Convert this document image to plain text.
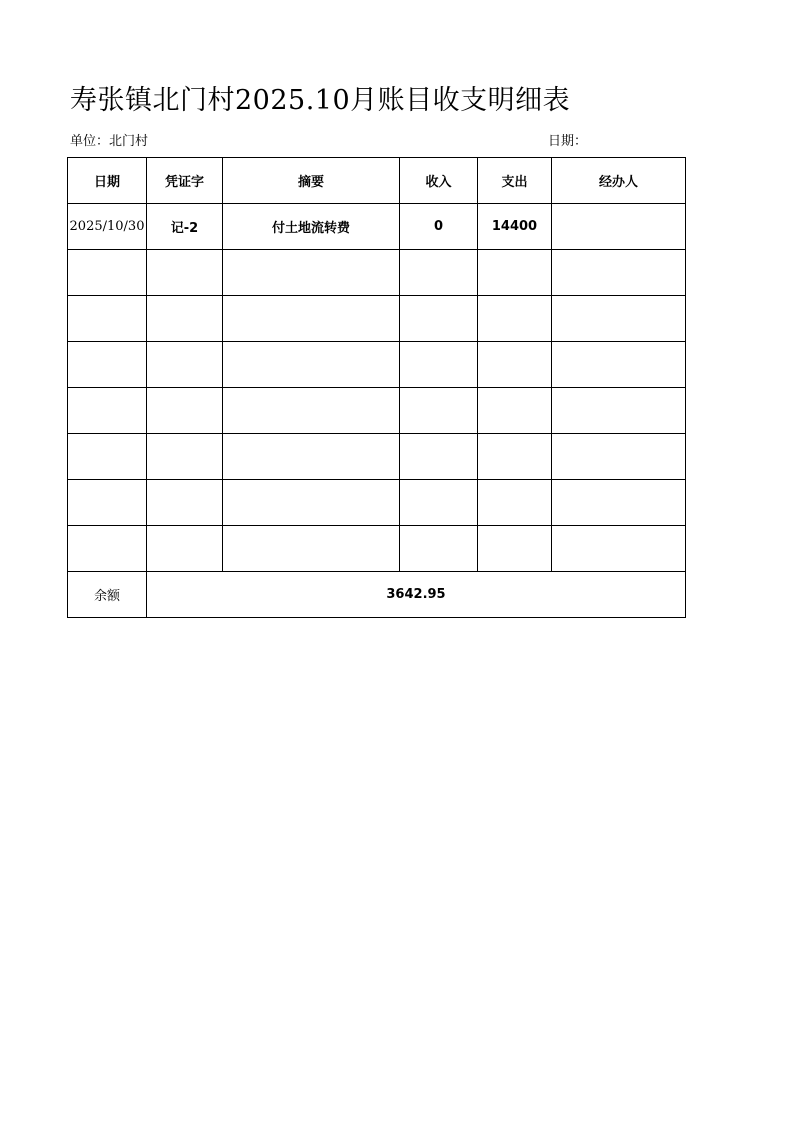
寿张镇北门村2025.10月账目收支明细表
单位：北门村	日期：
日期	凭证字	摘要	收入	支出	经办人
2025/10/30	记-2	付土地流转费	0	14400	

余额	3642.95				
